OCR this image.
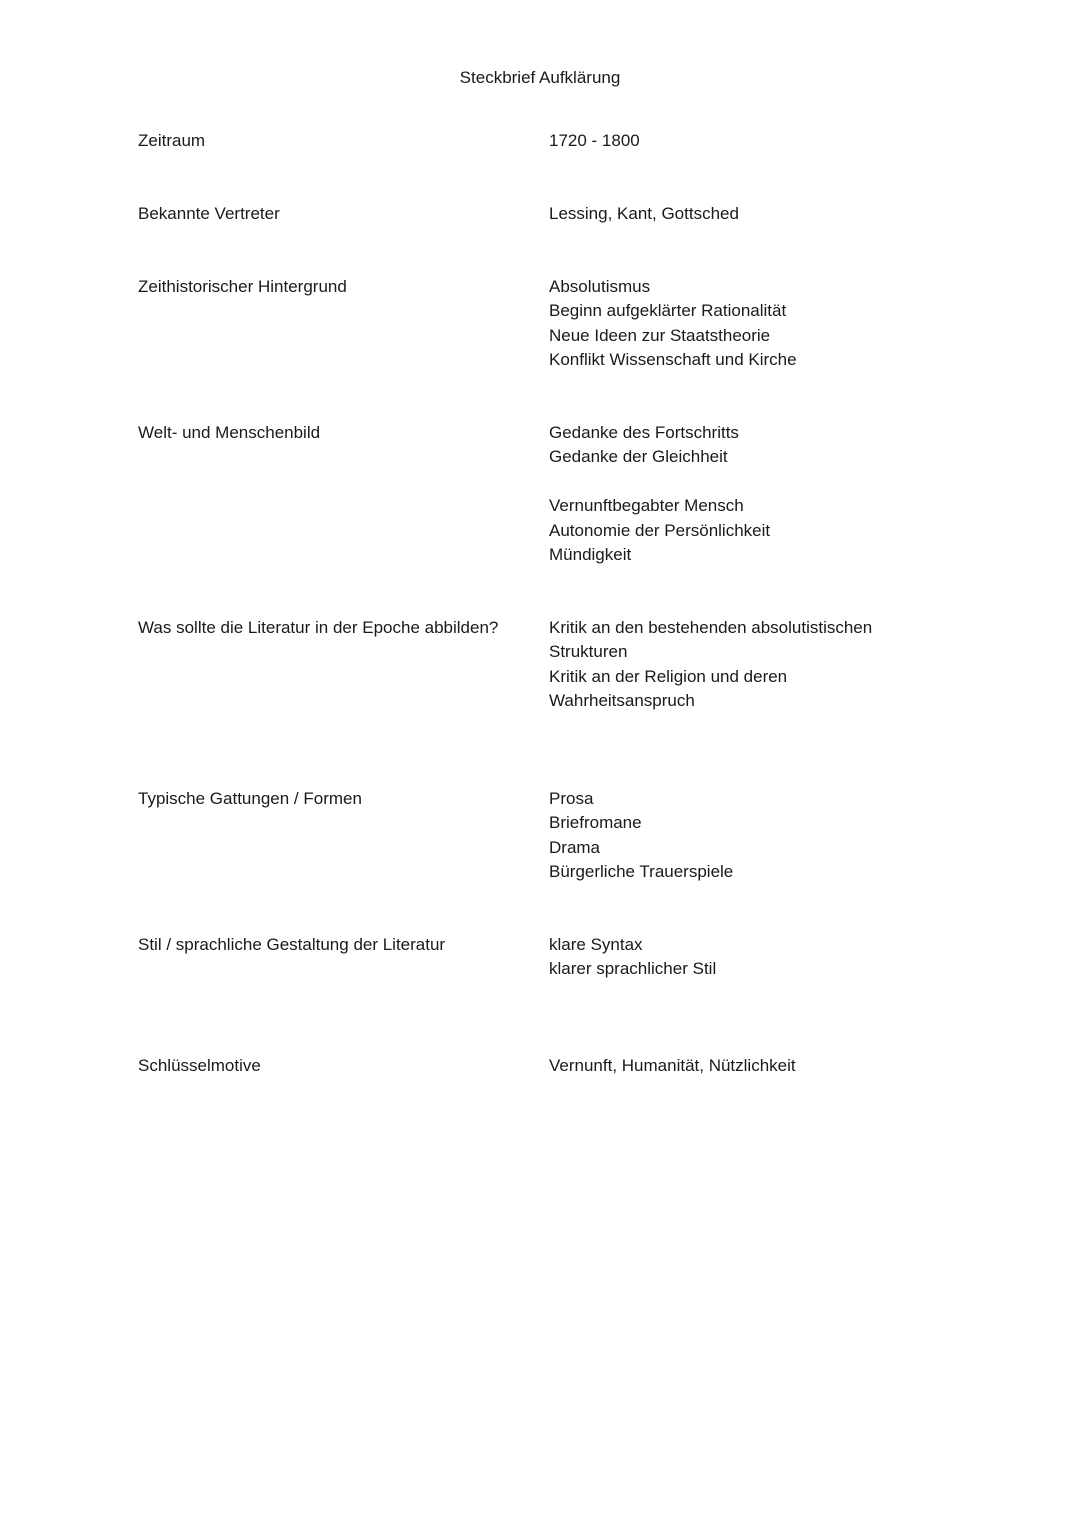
Steckbrief Aufklärung
Zeitraum	1720 - 1800
Bekannte Vertreter	Lessing, Kant, Gottsched
Zeithistorischer Hintergrund	Absolutismus
Beginn aufgeklärter Rationalität
Neue Ideen zur Staatstheorie
Konflikt Wissenschaft und Kirche
Welt- und Menschenbild	Gedanke des Fortschritts
Gedanke der Gleichheit
Vernunftbegabter Mensch
Autonomie der Persönlichkeit
Mündigkeit
Was sollte die Literatur in der Epoche abbilden?	Kritik an den bestehenden absolutistischen
Strukturen
Kritik an der Religion und deren
Wahrheitsanspruch
Typische Gattungen / Formen	Prosa
Briefromane
Drama
Bürgerliche Trauerspiele
Stil / sprachliche Gestaltung der Literatur	klare Syntax
klarer sprachlicher Stil
Schlüsselmotive	Vernunft, Humanität, Nützlichkeit
